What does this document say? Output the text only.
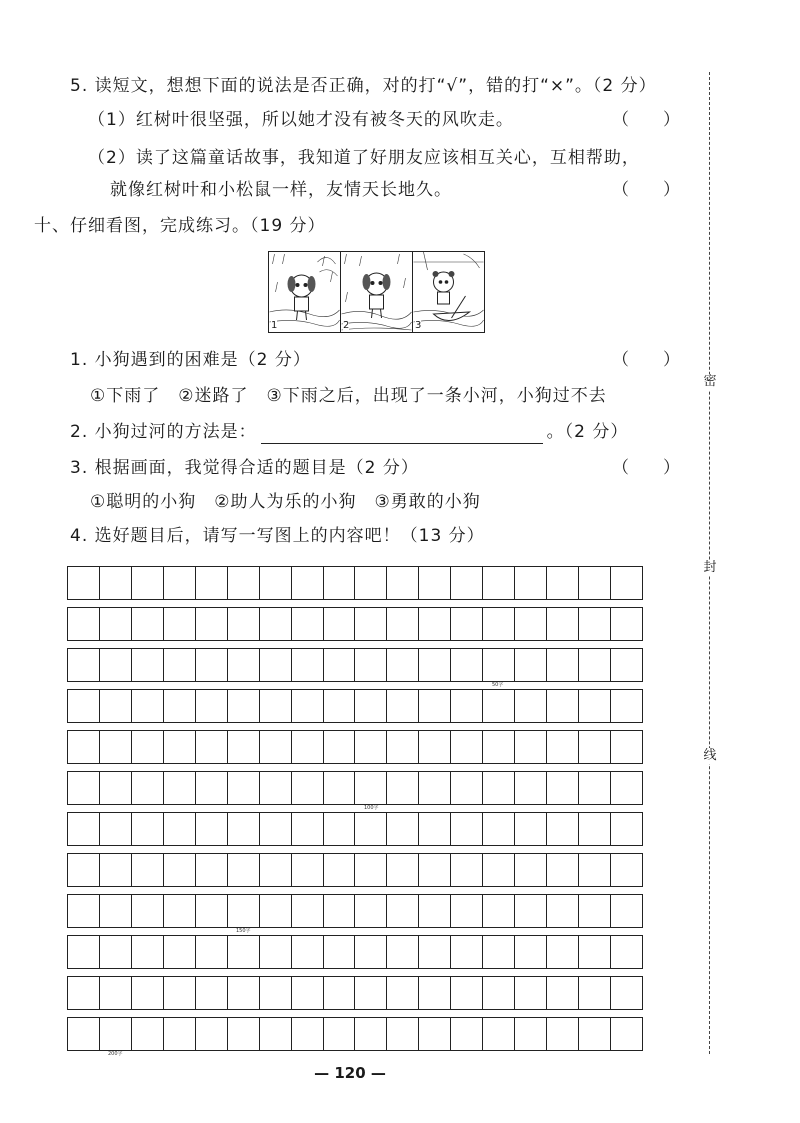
5. 读短文，想想下面的说法是否正确，对的打“√”，错的打“×”。（2 分）
（1）红树叶很坚强，所以她才没有被冬天的风吹走。	（　　）
（2）读了这篇童话故事，我知道了好朋友应该相互关心，互相帮助，
就像红树叶和小松鼠一样，友情天长地久。	（　　）
十、仔细看图，完成练习。（19 分）
1	2	3
1. 小狗遇到的困难是（2 分）	（　　）
①下雨了　②迷路了　③下雨之后，出现了一条小河，小狗过不去
2. 小狗过河的方法是：	。（2 分）
3. 根据画面，我觉得合适的题目是（2 分）	（　　）
①聪明的小狗　②助人为乐的小狗　③勇敢的小狗
4. 选好题目后，请写一写图上的内容吧！（13 分）
50字
100字
150字
200字
密
封
线
— 120 —
